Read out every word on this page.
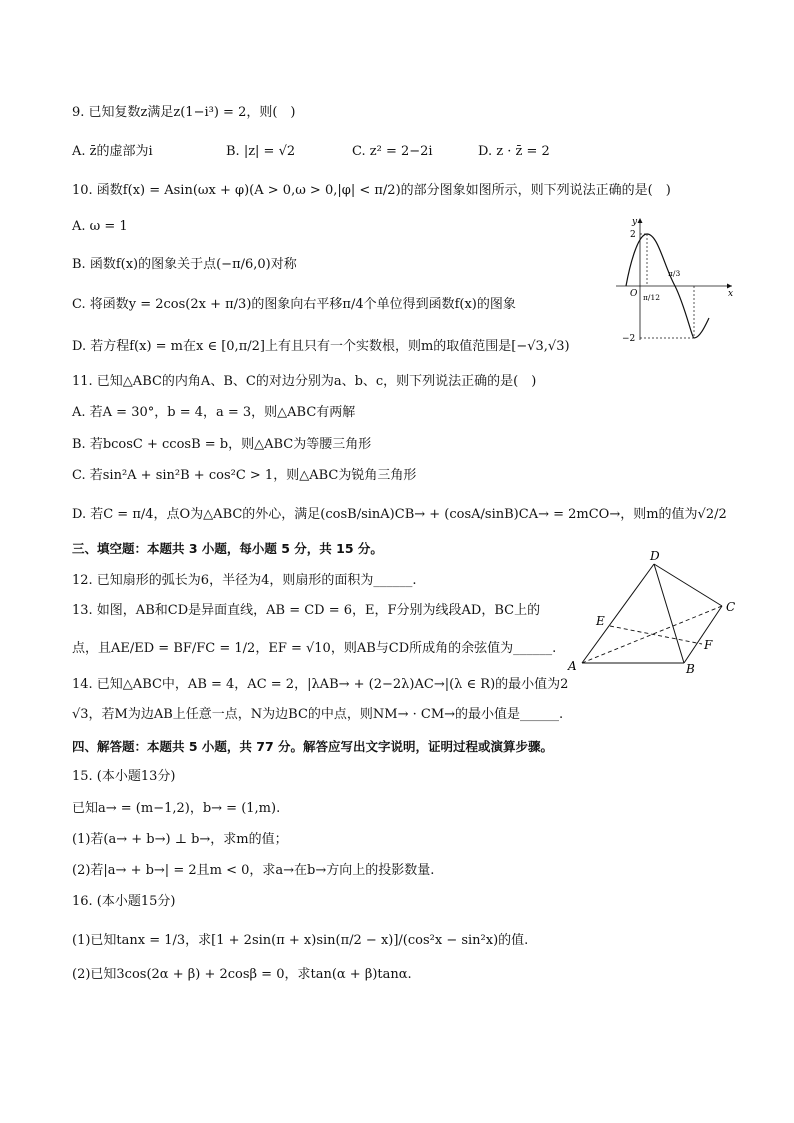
9. 已知复数z满足z(1−i³) = 2，则(　)
A. z̄的虚部为i	B. |z| = √2	C. z² = 2−2i	D. z · z̄ = 2
10. 函数f(x) = Asin(ωx + φ)(A > 0,ω > 0,|φ| < π/2)的部分图象如图所示，则下列说法正确的是(　)
A. ω = 1
B. 函数f(x)的图象关于点(−π/6,0)对称
C. 将函数y = 2cos(2x + π/3)的图象向右平移π/4个单位得到函数f(x)的图象
D. 若方程f(x) = m在x ∈ [0,π/2]上有且只有一个实数根，则m的取值范围是[−√3,√3)
y
x
O
2
−2
π/12
π/3
11. 已知△ABC的内角A、B、C的对边分别为a、b、c，则下列说法正确的是(　)
A. 若A = 30°，b = 4，a = 3，则△ABC有两解
B. 若bcosC + ccosB = b，则△ABC为等腰三角形
C. 若sin²A + sin²B + cos²C > 1，则△ABC为锐角三角形
D. 若C = π/4，点O为△ABC的外心，满足(cosB/sinA)CB→ + (cosA/sinB)CA→ = 2mCO→，则m的值为√2/2
三、填空题：本题共 3 小题，每小题 5 分，共 15 分。
12. 已知扇形的弧长为6，半径为4，则扇形的面积为______.
13. 如图，AB和CD是异面直线，AB = CD = 6，E，F分别为线段AD，BC上的
点，且AE/ED = BF/FC = 1/2，EF = √10，则AB与CD所成角的余弦值为______.
D
C
E
F
A	B
14. 已知△ABC中，AB = 4，AC = 2，|λAB→ + (2−2λ)AC→|(λ ∈ R)的最小值为2
√3，若M为边AB上任意一点，N为边BC的中点，则NM→ · CM→的最小值是______.
四、解答题：本题共 5 小题，共 77 分。解答应写出文字说明，证明过程或演算步骤。
15. (本小题13分)
已知a→ = (m−1,2)，b→ = (1,m).
(1)若(a→ + b→) ⊥ b→，求m的值；
(2)若|a→ + b→| = 2且m < 0，求a→在b→方向上的投影数量.
16. (本小题15分)
(1)已知tanx = 1/3，求[1 + 2sin(π + x)sin(π/2 − x)]/(cos²x − sin²x)的值.
(2)已知3cos(2α + β) + 2cosβ = 0，求tan(α + β)tanα.
